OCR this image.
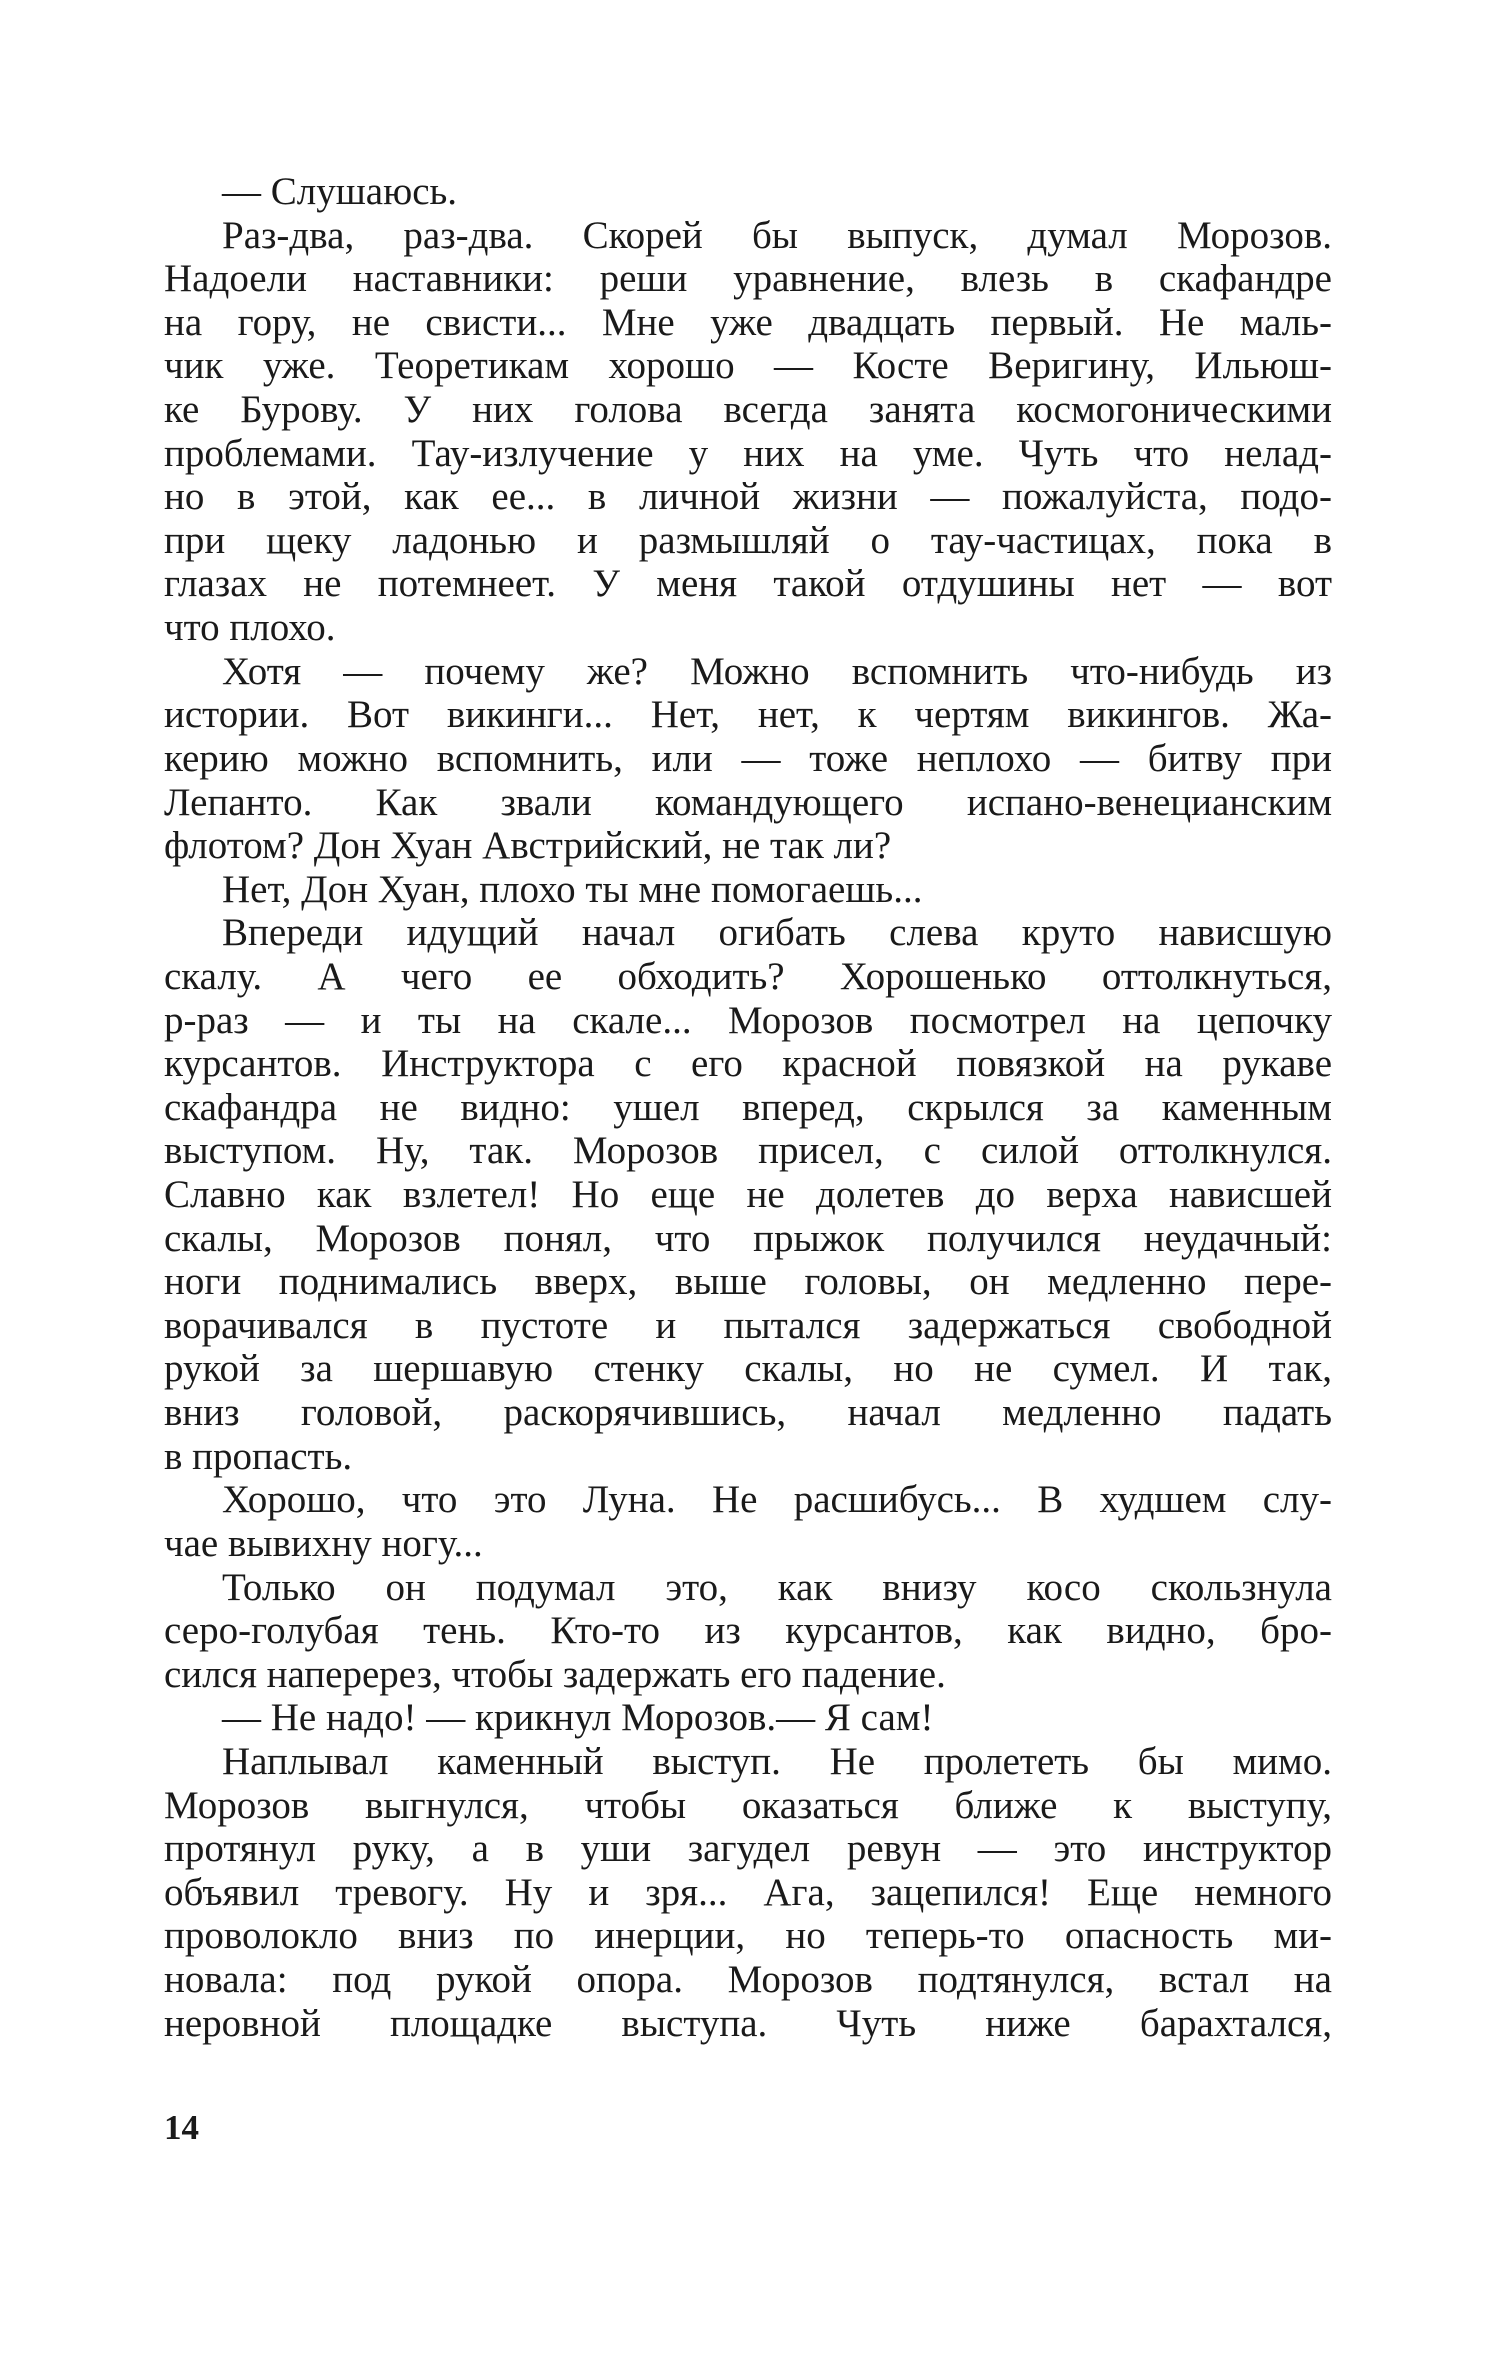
— Слушаюсь.
Раз-два, раз-два. Скорей бы выпуск, думал Морозов.
Надоели наставники: реши уравнение, влезь в скафандре
на гору, не свисти... Мне уже двадцать первый. Не маль-
чик уже. Теоретикам хорошо — Косте Веригину, Ильюш-
ке Бурову. У них голова всегда занята космогоническими
проблемами. Тау-излучение у них на уме. Чуть что нелад-
но в этой, как ее... в личной жизни — пожалуйста, подо-
при щеку ладонью и размышляй о тау-частицах, пока в
глазах не потемнеет. У меня такой отдушины нет — вот
что плохо.
Хотя — почему же? Можно вспомнить что-нибудь из
истории. Вот викинги... Нет, нет, к чертям викингов. Жа-
керию можно вспомнить, или — тоже неплохо — битву при
Лепанто. Как звали командующего испано-венецианским
флотом? Дон Хуан Австрийский, не так ли?
Нет, Дон Хуан, плохо ты мне помогаешь...
Впереди идущий начал огибать слева круто нависшую
скалу. А чего ее обходить? Хорошенько оттолкнуться,
р-раз — и ты на скале... Морозов посмотрел на цепочку
курсантов. Инструктора с его красной повязкой на рукаве
скафандра не видно: ушел вперед, скрылся за каменным
выступом. Ну, так. Морозов присел, с силой оттолкнулся.
Славно как взлетел! Но еще не долетев до верха нависшей
скалы, Морозов понял, что прыжок получился неудачный:
ноги поднимались вверх, выше головы, он медленно пере-
ворачивался в пустоте и пытался задержаться свободной
рукой за шершавую стенку скалы, но не сумел. И так,
вниз головой, раскорячившись, начал медленно падать
в пропасть.
Хорошо, что это Луна. Не расшибусь... В худшем слу-
чае вывихну ногу...
Только он подумал это, как внизу косо скользнула
серо-голубая тень. Кто-то из курсантов, как видно, бро-
сился наперерез, чтобы задержать его падение.
— Не надо! — крикнул Морозов.— Я сам!
Наплывал каменный выступ. Не пролететь бы мимо.
Морозов выгнулся, чтобы оказаться ближе к выступу,
протянул руку, а в уши загудел ревун — это инструктор
объявил тревогу. Ну и зря... Ага, зацепился! Еще немного
проволокло вниз по инерции, но теперь-то опасность ми-
новала: под рукой опора. Морозов подтянулся, встал на
неровной площадке выступа. Чуть ниже барахтался,
14
